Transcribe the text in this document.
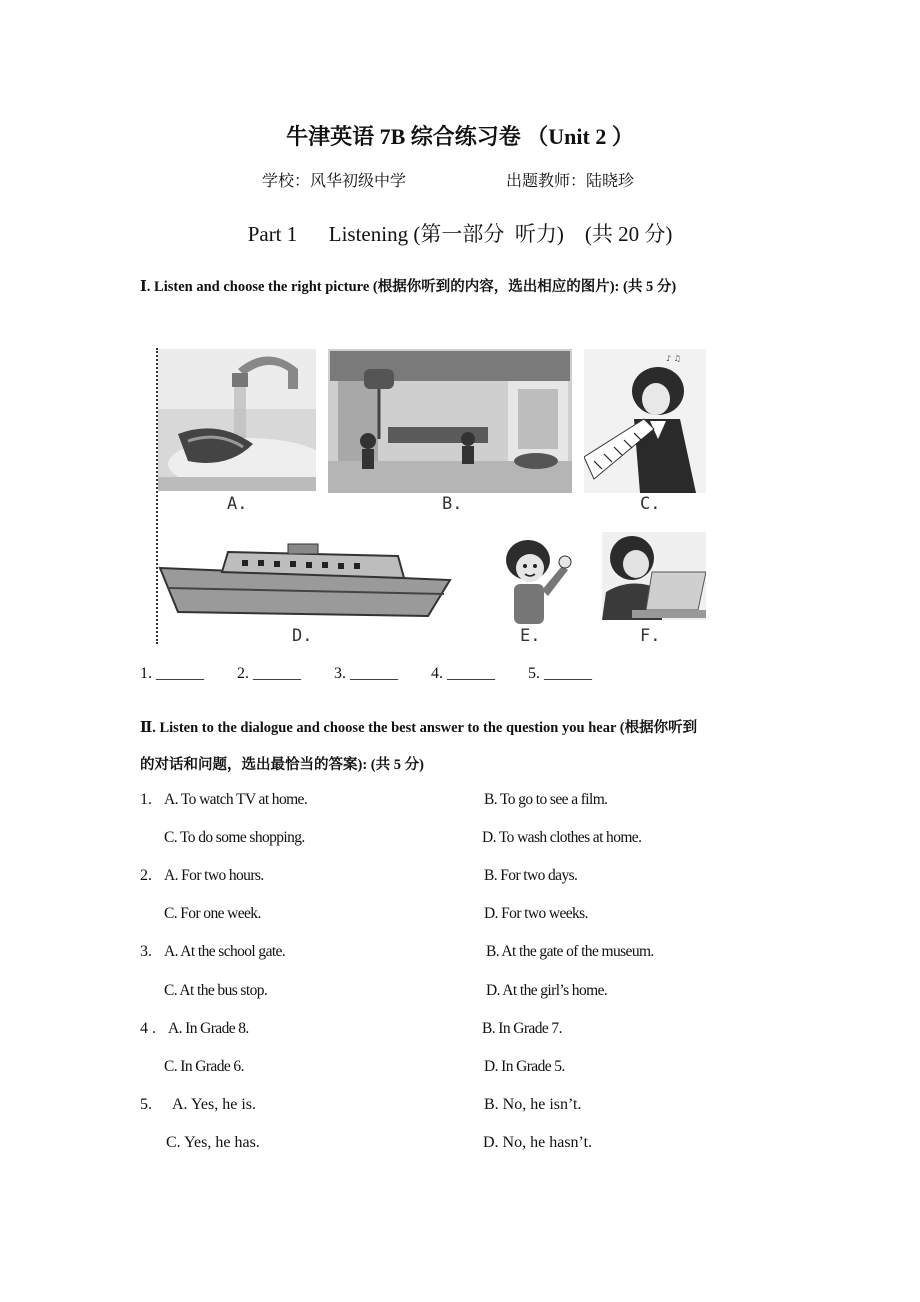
牛津英语 7B 综合练习卷 （Unit 2 ）
学校：风华初级中学	出题教师：陆晓珍
Part 1      Listening (第一部分  听力)    (共 20 分)
Ⅰ. Listen and choose the right picture (根据你听到的内容，选出相应的图片): (共 5 分)
A.	B.
♪ ♫
C.
D.	E.	F.
1. ______ 2. ______ 3. ______ 4. ______ 5. ______
Ⅱ. Listen to the dialogue and choose the best answer to the question you hear (根据你听到
的对话和问题，选出最恰当的答案): (共 5 分)
1. A. To watch TV at home.	B. To go to see a film.
C. To do some shopping.	D. To wash clothes at home.
2. A. For two hours.	B. For two days.
C. For one week.	D. For two weeks.
3. A. At the school gate.	B. At the gate of the museum.
C. At the bus stop.	D. At the girl’s home.
4 . A. In Grade 8.	B. In Grade 7.
C. In Grade 6.	D. In Grade 5.
5. A. Yes, he is.	B. No, he isn’t.
C. Yes, he has.	D. No, he hasn’t.
